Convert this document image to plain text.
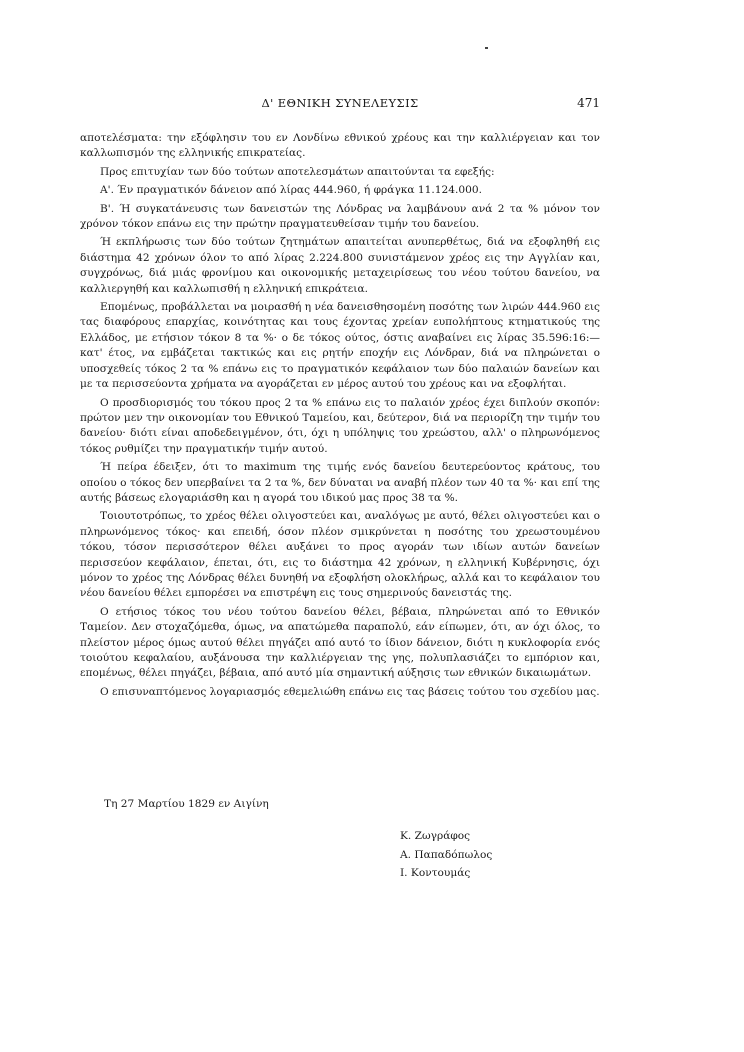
Δ' ΕΘΝΙΚΗ ΣΥΝΕΛΕΥΣΙΣ	471

αποτελέσματα: την εξόφλησιν του εν Λονδίνω εθνικού χρέους και την καλλιέργειαν και τον καλλωπισμόν της ελληνικής επικρατείας.

Προς επιτυχίαν των δύο τούτων αποτελεσμάτων απαιτούνται τα εφεξής:

Α'. Έν πραγματικόν δάνειον από λίρας 444.960, ή φράγκα 11.124.000.

Β'. Ή συγκατάνευσις των δανειστών της Λόνδρας να λαμβάνουν ανά 2 τα % μόνον τον χρόνον τόκον επάνω εις την πρώτην πραγματευθείσαν τιμήν του δανείου.

Ή εκπλήρωσις των δύο τούτων ζητημάτων απαιτείται ανυπερθέτως, διά να εξοφληθή εις διάστημα 42 χρόνων όλον το από λίρας 2.224.800 συνιστάμενον χρέος εις την Αγγλίαν και, συγχρόνως, διά μιάς φρονίμου και οικονομικής μεταχειρίσεως του νέου τούτου δανείου, να καλλιεργηθή και καλλωπισθή η ελληνική επικράτεια.

Επομένως, προβάλλεται να μοιρασθή η νέα δανεισθησομένη ποσότης των λιρών 444.960 εις τας διαφόρους επαρχίας, κοινότητας και τους έχοντας χρείαν ευπολήπτους κτηματικούς της Ελλάδος, με ετήσιον τόκον 8 τα %· ο δε τόκος ούτος, όστις αναβαίνει εις λίρας 35.596:16:— κατ' έτος, να εμβάζεται τακτικώς και εις ρητήν εποχήν εις Λόνδραν, διά να πληρώνεται ο υποσχεθείς τόκος 2 τα % επάνω εις το πραγματικόν κεφάλαιον των δύο παλαιών δανείων και με τα περισσεύοντα χρήματα να αγοράζεται εν μέρος αυτού του χρέους και να εξοφλήται.

Ο προσδιορισμός του τόκου προς 2 τα % επάνω εις το παλαιόν χρέος έχει διπλούν σκοπόν: πρώτον μεν την οικονομίαν του Εθνικού Ταμείου, και, δεύτερον, διά να περιορίζη την τιμήν του δανείου· διότι είναι αποδεδειγμένον, ότι, όχι η υπόληψις του χρεώστου, αλλ' ο πληρωνόμενος τόκος ρυθμίζει την πραγματικήν τιμήν αυτού.

Ή πείρα έδειξεν, ότι το maximum της τιμής ενός δανείου δευτερεύοντος κράτους, του οποίου ο τόκος δεν υπερβαίνει τα 2 τα %, δεν δύναται να αναβή πλέον των 40 τα %· και επί της αυτής βάσεως ελογαριάσθη και η αγορά του ιδικού μας προς 38 τα %.

Τοιουτοτρόπως, το χρέος θέλει ολιγοστεύει και, αναλόγως με αυτό, θέλει ολιγοστεύει και ο πληρωνόμενος τόκος· και επειδή, όσον πλέον σμικρύνεται η ποσότης του χρεωστουμένου τόκου, τόσον περισσότερον θέλει αυξάνει το προς αγοράν των ιδίων αυτών δανείων περισσεύον κεφάλαιον, έπεται, ότι, εις το διάστημα 42 χρόνων, η ελληνική Κυβέρνησις, όχι μόνον το χρέος της Λόνδρας θέλει δυνηθή να εξοφλήση ολοκλήρως, αλλά και το κεφάλαιον του νέου δανείου θέλει εμπορέσει να επιστρέψη εις τους σημερινούς δανειστάς της.

Ο ετήσιος τόκος του νέου τούτου δανείου θέλει, βέβαια, πληρώνεται από το Εθνικόν Ταμείον. Δεν στοχαζόμεθα, όμως, να απατώμεθα παραπολύ, εάν είπωμεν, ότι, αν όχι όλος, το πλείστον μέρος όμως αυτού θέλει πηγάζει από αυτό το ίδιον δάνειον, διότι η κυκλοφορία ενός τοιούτου κεφαλαίου, αυξάνουσα την καλλιέργειαν της γης, πολυπλασιάζει το εμπόριον και, επομένως, θέλει πηγάζει, βέβαια, από αυτό μία σημαντική αύξησις των εθνικών δικαιωμάτων.

Ο επισυναπτόμενος λογαριασμός εθεμελιώθη επάνω εις τας βάσεις τούτου του σχεδίου μας.

Τη 27 Μαρτίου 1829 εν Αιγίνη
Κ. Ζωγράφος
Α. Παπαδόπωλος
Ι. Κοντουμάς
